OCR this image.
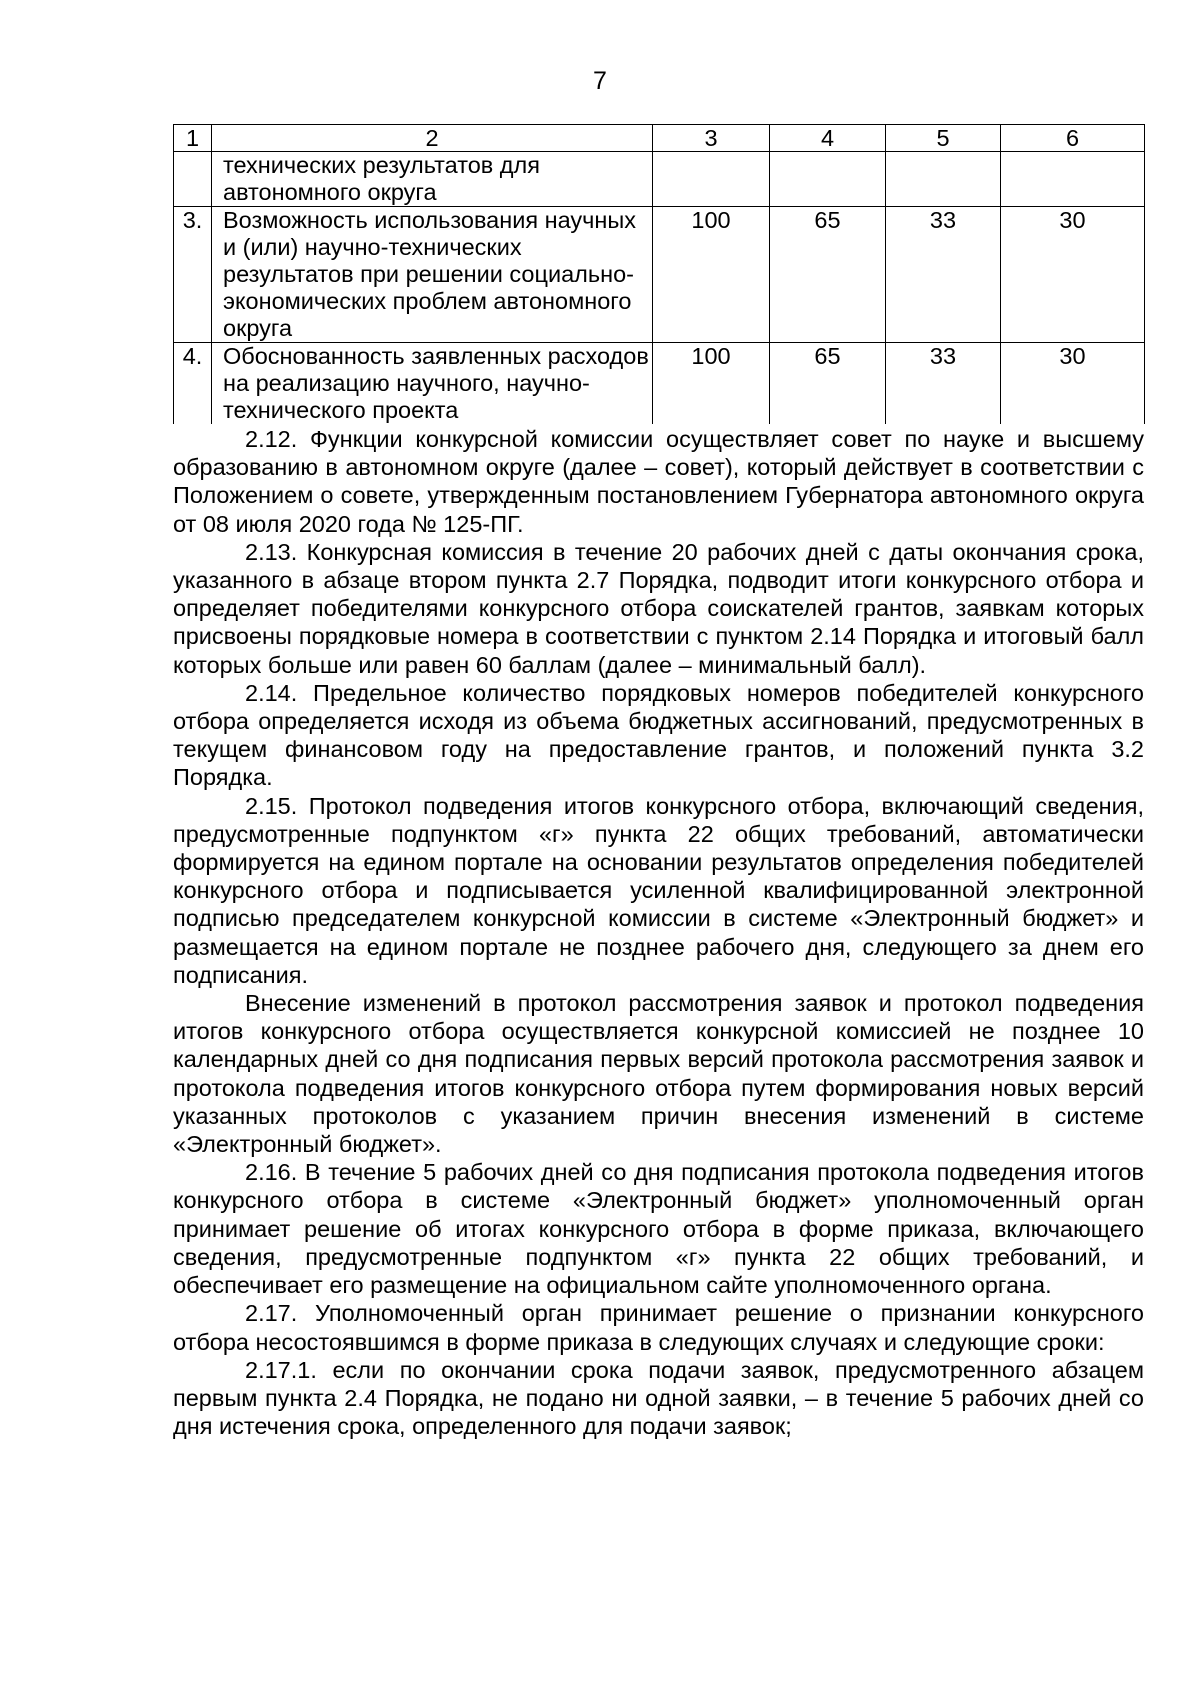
7
1	2	3	4	5	6
	технических результатов для автономного округа				
3.	Возможность использования научных и (или) научно-технических результатов при решении социально-экономических проблем автономного округа	100	65	33	30
4.	Обоснованность заявленных расходов на реализацию научного, научно-технического проекта	100	65	33	30

2.12. Функции конкурсной комиссии осуществляет совет по науке и высшему образованию в автономном округе (далее – совет), который действует в соответствии с Положением о совете, утвержденным постановлением Губернатора автономного округа от 08 июля 2020 года № 125-ПГ.

2.13. Конкурсная комиссия в течение 20 рабочих дней с даты окончания срока, указанного в абзаце втором пункта 2.7 Порядка, подводит итоги конкурсного отбора и определяет победителями конкурсного отбора соискателей грантов, заявкам которых присвоены порядковые номера в соответствии с пунктом 2.14 Порядка и итоговый балл которых больше или равен 60 баллам (далее – минимальный балл).

2.14. Предельное количество порядковых номеров победителей конкурсного отбора определяется исходя из объема бюджетных ассигнований, предусмотренных в текущем финансовом году на предоставление грантов, и положений пункта 3.2 Порядка.

2.15. Протокол подведения итогов конкурсного отбора, включающий сведения, предусмотренные подпунктом «г» пункта 22 общих требований, автоматически формируется на едином портале на основании результатов определения победителей конкурсного отбора и подписывается усиленной квалифицированной электронной подписью председателем конкурсной комиссии в системе «Электронный бюджет» и размещается на едином портале не позднее рабочего дня, следующего за днем его подписания.

Внесение изменений в протокол рассмотрения заявок и протокол подведения итогов конкурсного отбора осуществляется конкурсной комиссией не позднее 10 календарных дней со дня подписания первых версий протокола рассмотрения заявок и протокола подведения итогов конкурсного отбора путем формирования новых версий указанных протоколов с указанием причин внесения изменений в системе «Электронный бюджет».

2.16. В течение 5 рабочих дней со дня подписания протокола подведения итогов конкурсного отбора в системе «Электронный бюджет» уполномоченный орган принимает решение об итогах конкурсного отбора в форме приказа, включающего сведения, предусмотренные подпунктом «г» пункта 22 общих требований, и обеспечивает его размещение на официальном сайте уполномоченного органа.

2.17. Уполномоченный орган принимает решение о признании конкурсного отбора несостоявшимся в форме приказа в следующих случаях и следующие сроки:

2.17.1. если по окончании срока подачи заявок, предусмотренного абзацем первым пункта 2.4 Порядка, не подано ни одной заявки, – в течение 5 рабочих дней со дня истечения срока, определенного для подачи заявок;
